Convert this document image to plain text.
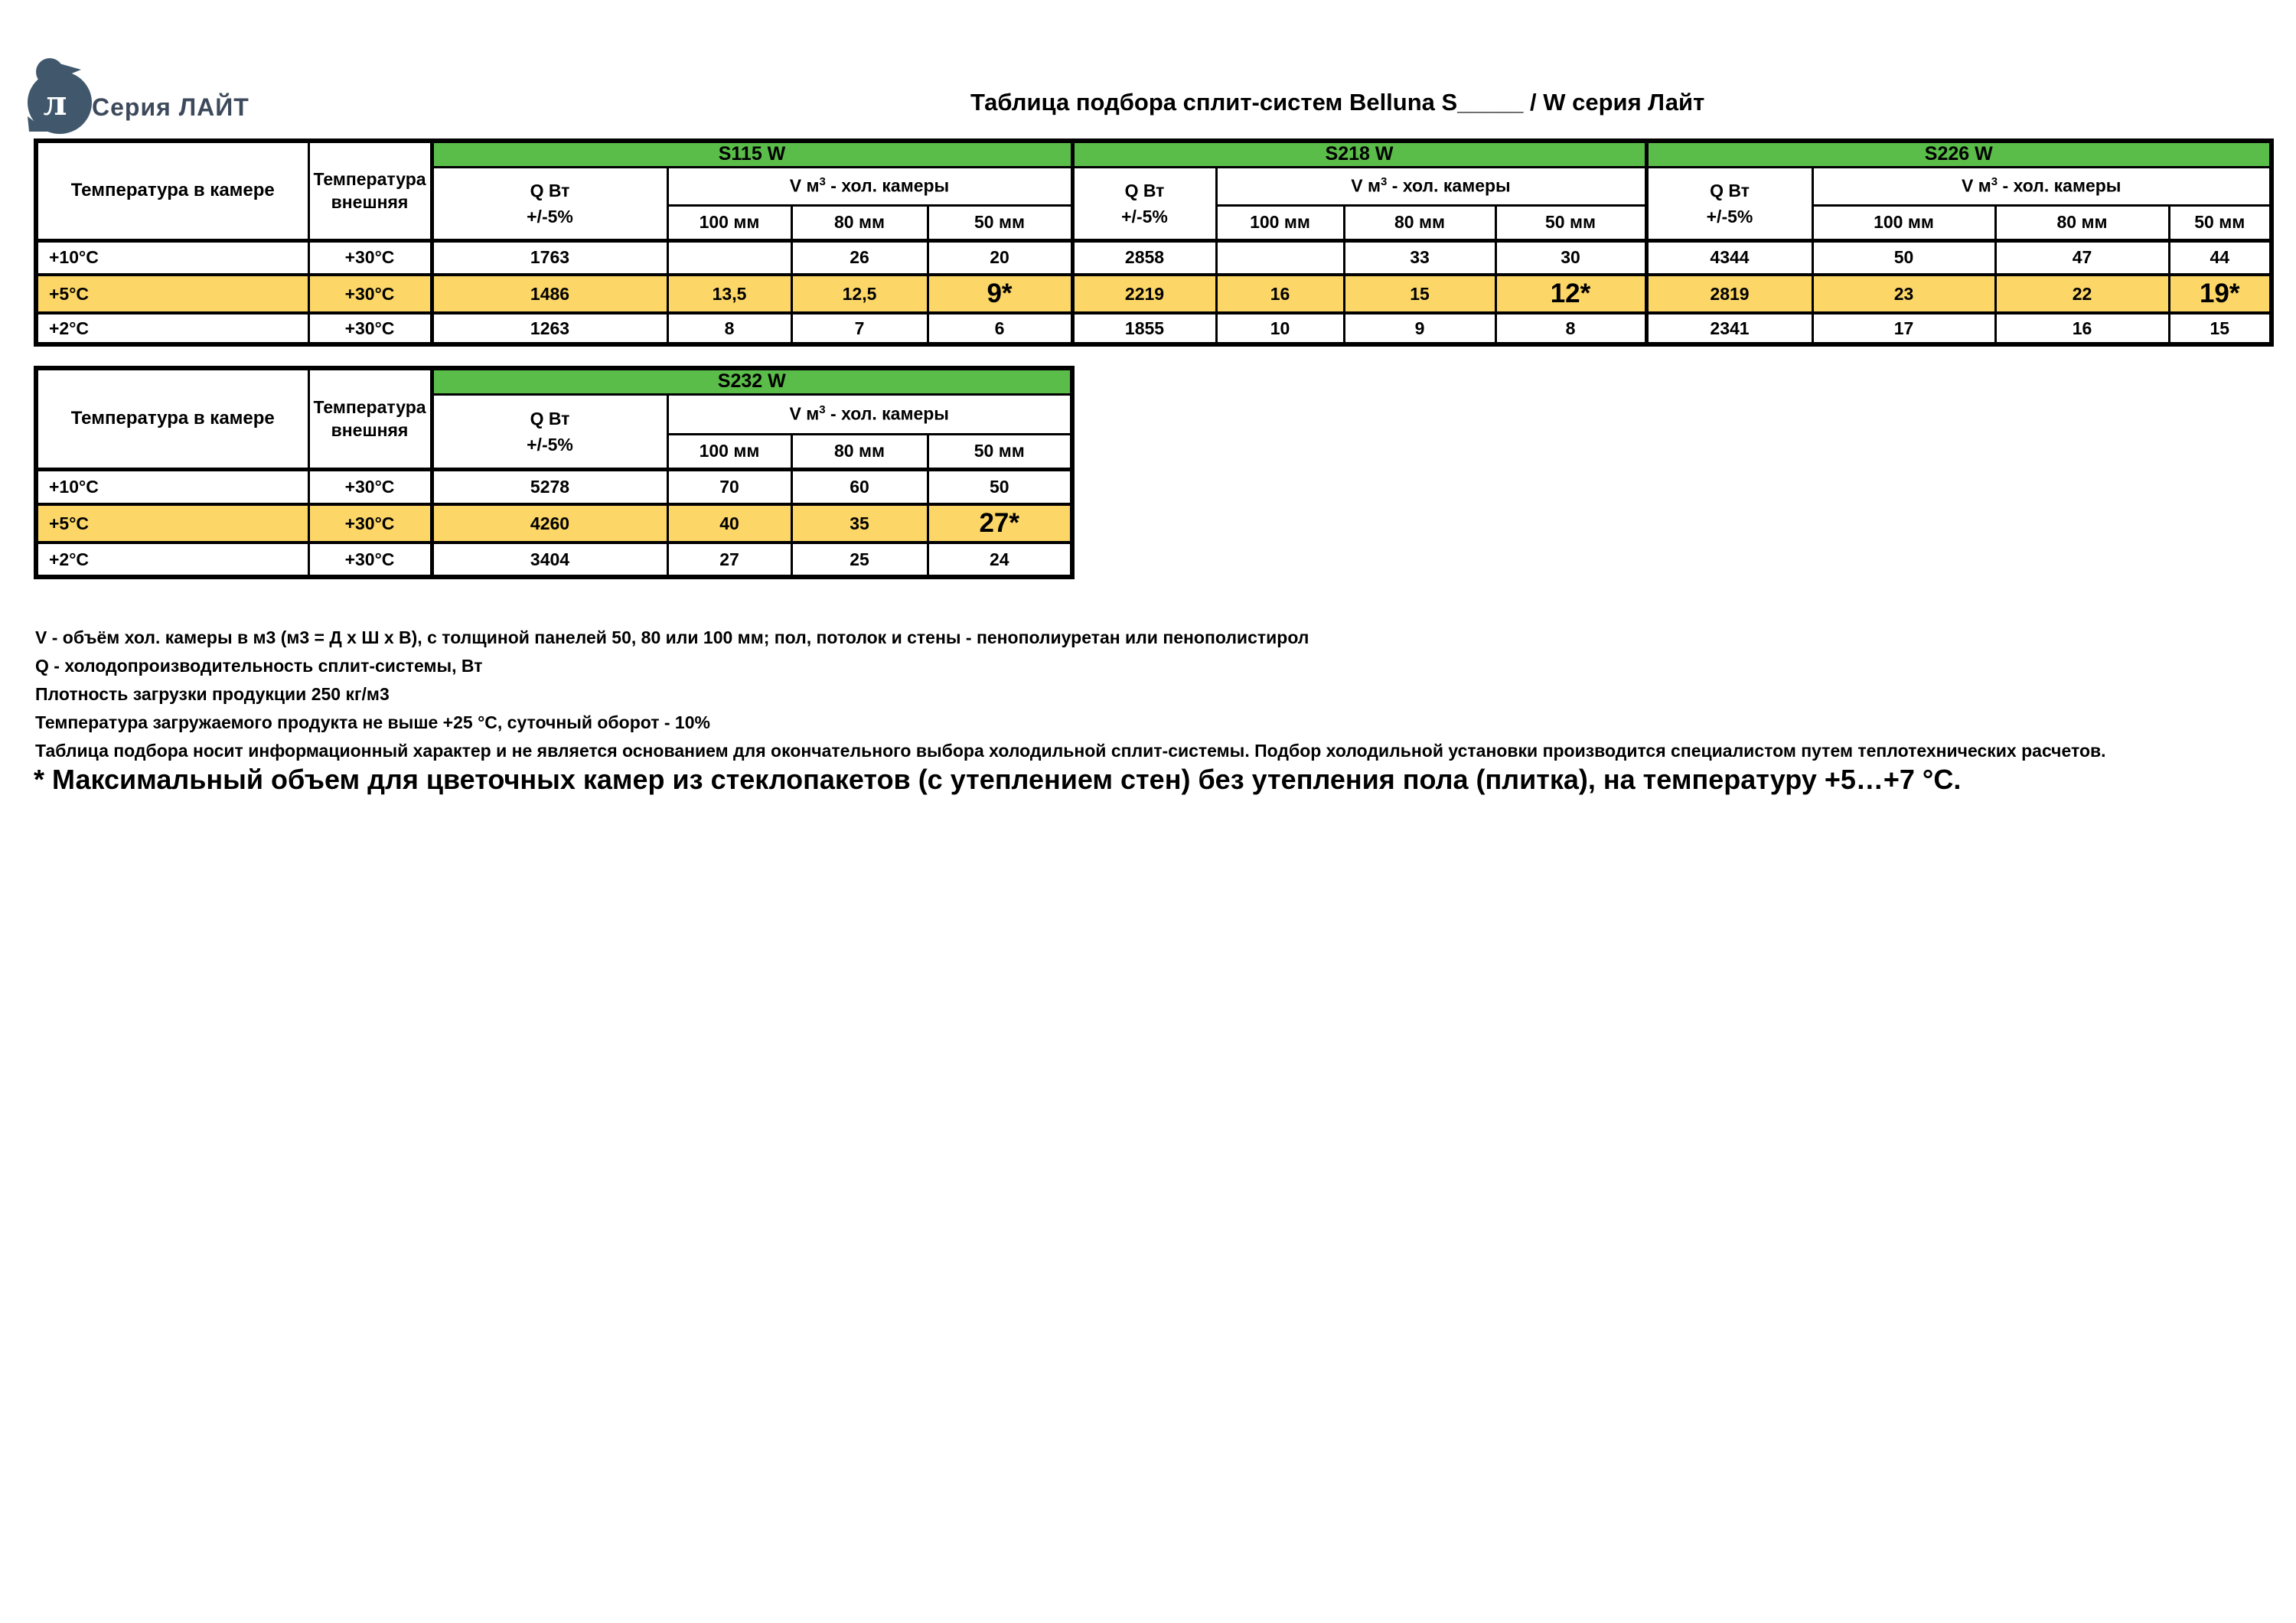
л Серия ЛАЙТ	Таблица подбора сплит-систем Belluna S_____ / W серия Лайт
Температура в камере	Температура
внешняя	S115 W				S218 W				S226 W			

Q Вт
+/-5%
	V $м^3$ - хол. камеры	Q Вт
+/-5%
	V $м^3$ - хол. камеры	Q Вт
+/-5%
	V $м^3$ - хол. камеры
			100 мм	80 мм	50 мм		100 мм	80 мм	50 мм		100 мм	80 мм	50 мм
+10°C	+30°C	1763		26	20	2858		33	30	4344	50	47	44
+5°C	+30°C	1486	13,5	12,5	9*	2219	16	15	12*	2819	23	22	19*
+2°C	+30°C	1263	8	7	6	1855	10	9	8	2341	17	16	15
Температура в камере	Температура
внешняя	S232 W			

		Q Вт
+/-5%	V $м^3$ - хол. камеры		
			100 мм	80 мм	50 мм
+10°C	+30°C	5278	70	60	50
+5°C	+30°C	4260	40	35	27*
+2°C	+30°C	3404	27	25	24
V - объём хол. камеры в м3 (м3 = Д х Ш х В), с толщиной панелей 50, 80 или 100 мм; пол, потолок и стены - пенополиуретан или пенополистирол
Q - холодопроизводительность сплит-системы, Вт
Плотность загрузки продукции 250 кг/м3
Температура загружаемого продукта не выше +25 °C, суточный оборот - 10%
Таблица подбора носит информационный характер и не является основанием для окончательного выбора холодильной сплит-системы. Подбор холодильной установки производится специалистом путем теплотехнических расчетов.
* Максимальный объем для цветочных камер из стеклопакетов (с утеплением стен) без утепления пола (плитка), на температуру +5…+7 °C.
